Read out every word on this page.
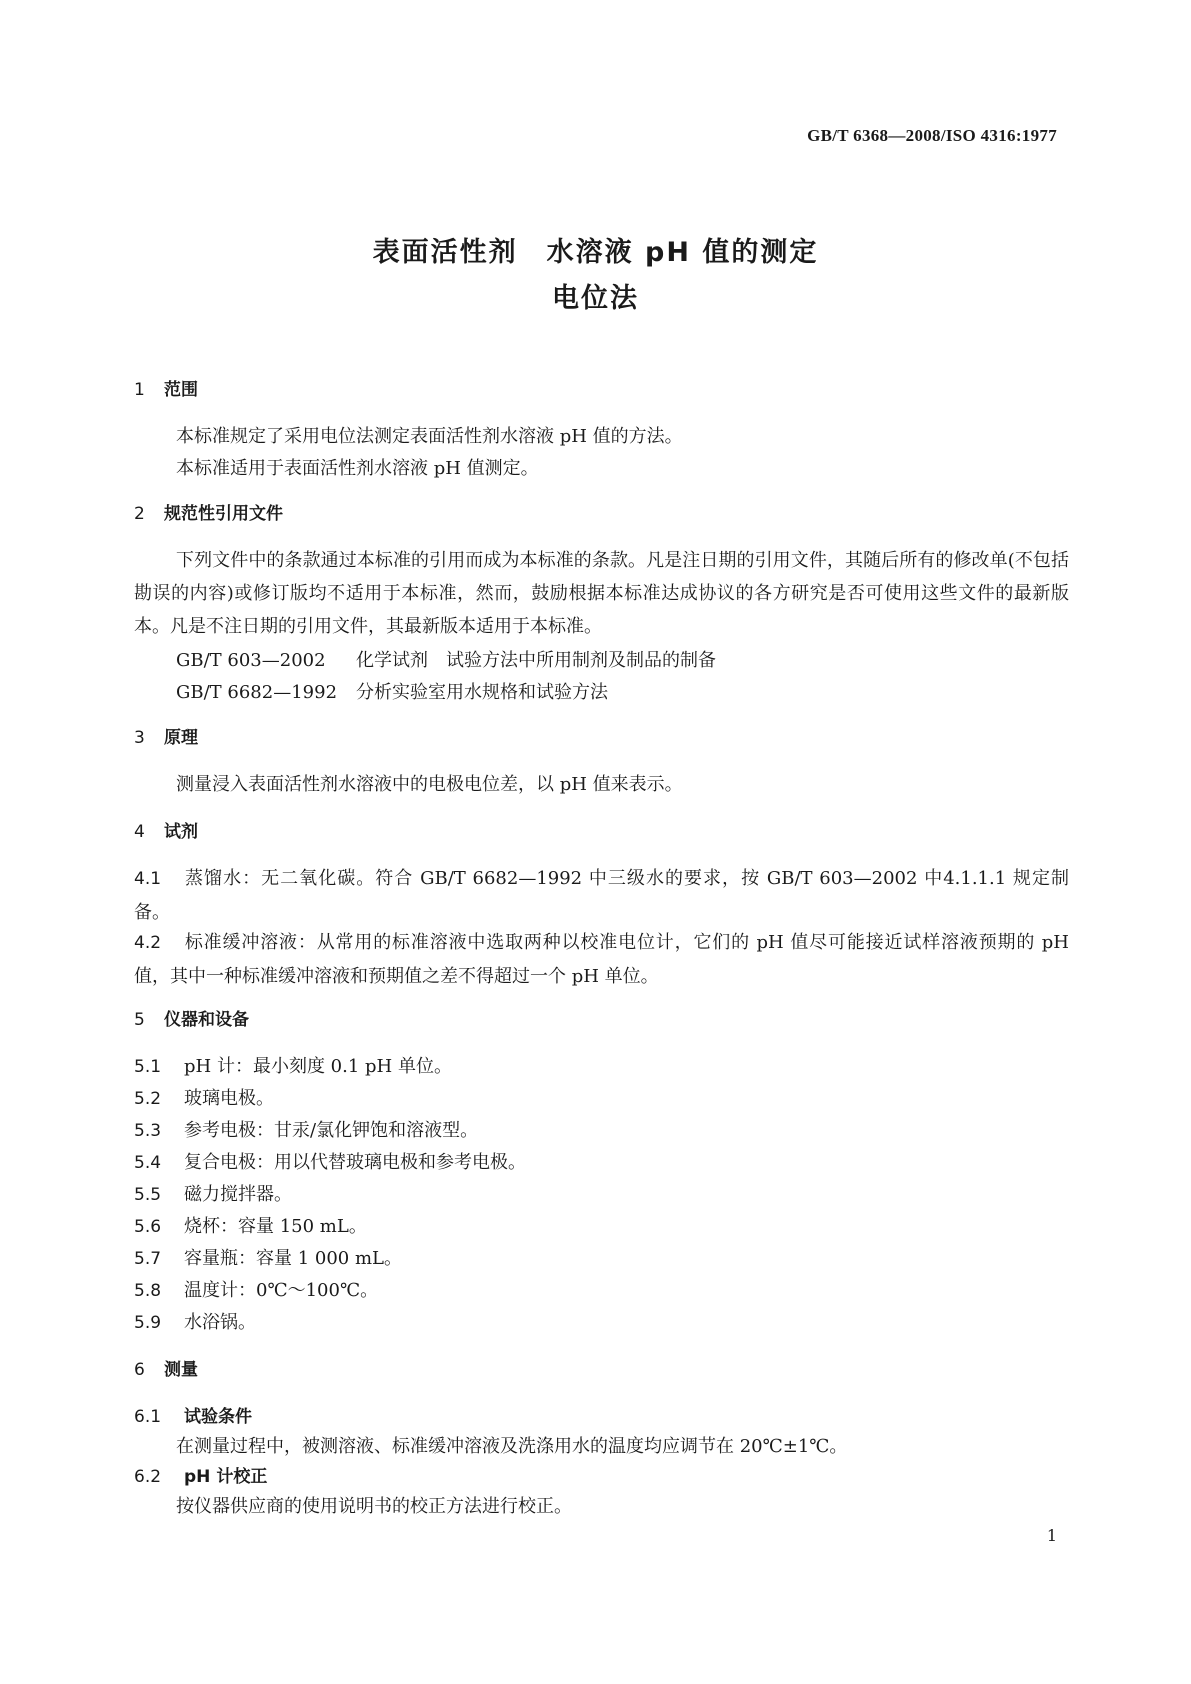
GB/T 6368—2008/ISO 4316:1977
表面活性剂　水溶液 pH 值的测定
电位法
1 范围
本标准规定了采用电位法测定表面活性剂水溶液 pH 值的方法。
本标准适用于表面活性剂水溶液 pH 值测定。
2 规范性引用文件
下列文件中的条款通过本标准的引用而成为本标准的条款。凡是注日期的引用文件，其随后所有的修改单(不包括勘误的内容)或修订版均不适用于本标准，然而，鼓励根据本标准达成协议的各方研究是否可使用这些文件的最新版本。凡是不注日期的引用文件，其最新版本适用于本标准。
GB/T 603—2002 化学试剂　试验方法中所用制剂及制品的制备
GB/T 6682—1992 分析实验室用水规格和试验方法
3 原理
测量浸入表面活性剂水溶液中的电极电位差，以 pH 值来表示。
4 试剂
4.1 蒸馏水：无二氧化碳。符合 GB/T 6682—1992 中三级水的要求，按 GB/T 603—2002 中4.1.1.1 规定制备。
4.2 标准缓冲溶液：从常用的标准溶液中选取两种以校准电位计，它们的 pH 值尽可能接近试样溶液预期的 pH 值，其中一种标准缓冲溶液和预期值之差不得超过一个 pH 单位。
5 仪器和设备
5.1 pH 计：最小刻度 0.1 pH 单位。
5.2 玻璃电极。
5.3 参考电极：甘汞/氯化钾饱和溶液型。
5.4 复合电极：用以代替玻璃电极和参考电极。
5.5 磁力搅拌器。
5.6 烧杯：容量 150 mL。
5.7 容量瓶：容量 1 000 mL。
5.8 温度计：0℃～100℃。
5.9 水浴锅。
6 测量
6.1 试验条件
在测量过程中，被测溶液、标准缓冲溶液及洗涤用水的温度均应调节在 20℃±1℃。
6.2 pH 计校正
按仪器供应商的使用说明书的校正方法进行校正。
1
